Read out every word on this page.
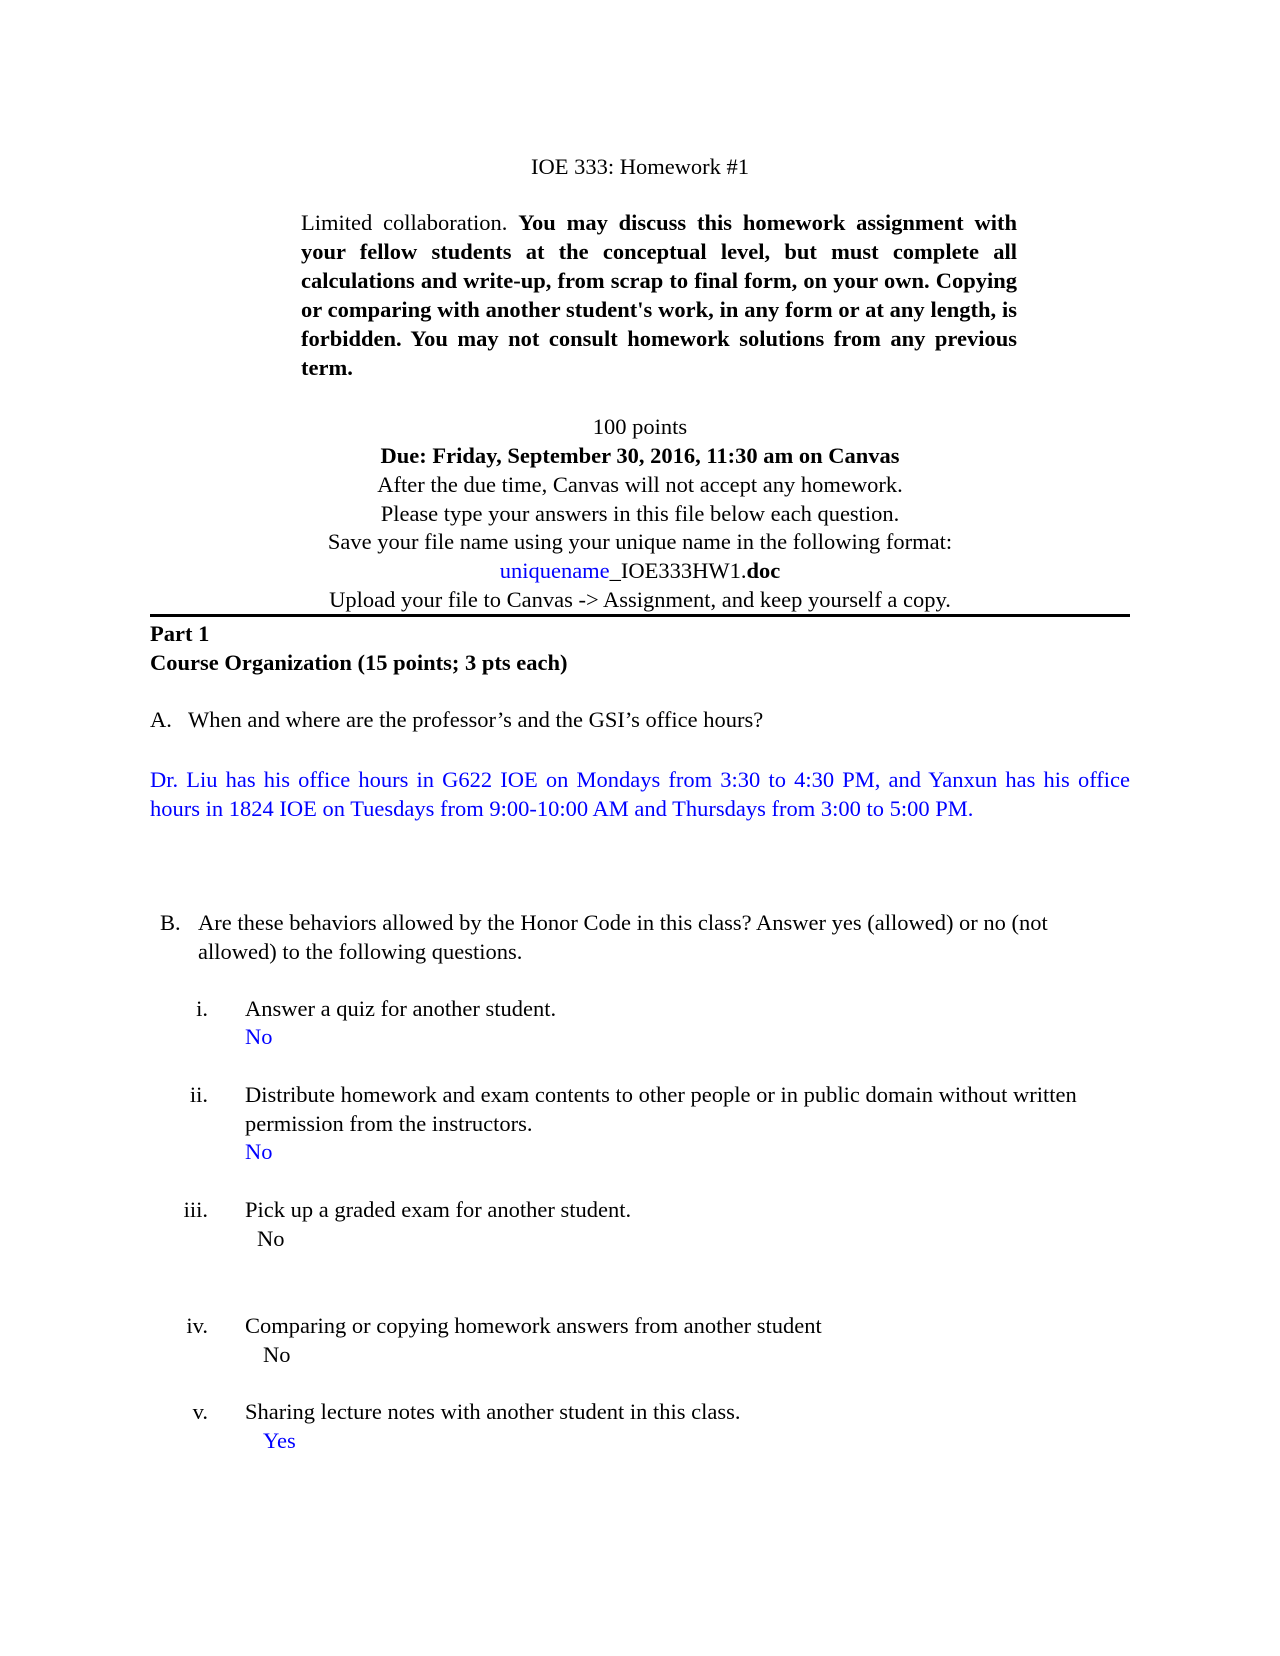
IOE 333: Homework #1
Limited collaboration. You may discuss this homework assignment with your fellow students at the conceptual level, but must complete all calculations and write-up, from scrap to final form, on your own. Copying or comparing with another student's work, in any form or at any length, is forbidden. You may not consult homework solutions from any previous term.
100 points
Due: Friday, September 30, 2016, 11:30 am on Canvas
After the due time, Canvas will not accept any homework.
Please type your answers in this file below each question.
Save your file name using your unique name in the following format:
uniquename_IOE333HW1.doc
Upload your file to Canvas -> Assignment, and keep yourself a copy.
Part 1
Course Organization (15 points; 3 pts each)
A. When and where are the professor’s and the GSI’s office hours?
Dr. Liu has his office hours in G622 IOE on Mondays from 3:30 to 4:30 PM, and Yanxun has his office hours in 1824 IOE on Tuesdays from 9:00-10:00 AM and Thursdays from 3:00 to 5:00 PM.
B. Are these behaviors allowed by the Honor Code in this class? Answer yes (allowed) or no (not allowed) to the following questions.
i. Answer a quiz for another student.
No
ii. Distribute homework and exam contents to other people or in public domain without written permission from the instructors.
No
iii. Pick up a graded exam for another student.
No
iv. Comparing or copying homework answers from another student
No
v. Sharing lecture notes with another student in this class.
Yes
